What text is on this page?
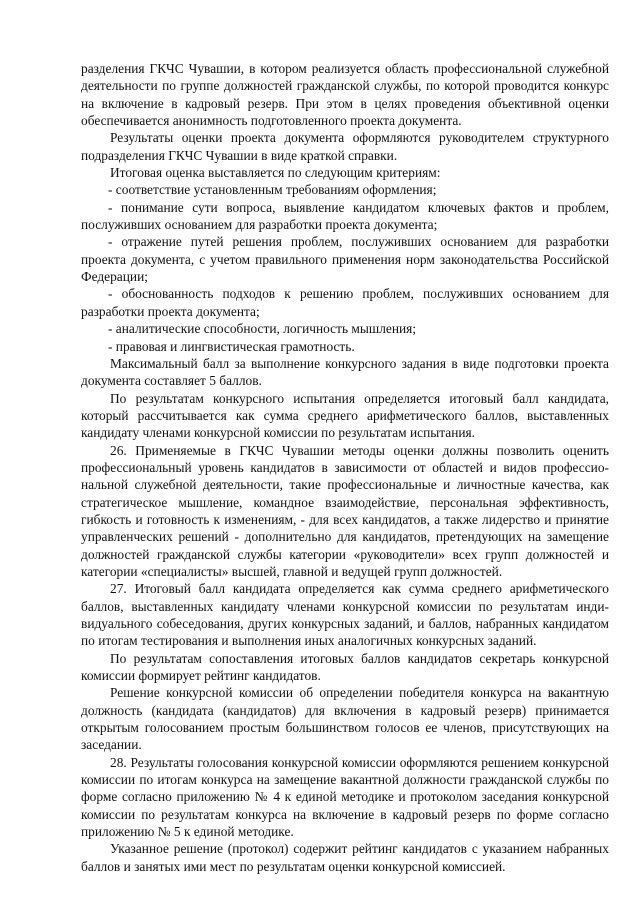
разделения ГКЧС Чувашии, в котором реализуется область профессиональной служебной деятельности по группе должностей гражданской службы, по которой проводится конкурс на включение в кадровый резерв. При этом в целях проведения объективной оценки обеспечивается анонимность подготовленного проекта документа.

Результаты оценки проекта документа оформляются руководителем структурного подразделения ГКЧС Чувашии в виде краткой справки.

Итоговая оценка выставляется по следующим критериям:

- соответствие установленным требованиям оформления;

- понимание сути вопроса, выявление кандидатом ключевых фактов и проблем, послуживших основанием для разработки проекта документа;

- отражение путей решения проблем, послуживших основанием для разработки проекта документа, с учетом правильного применения норм законодательства Российской Федерации;

- обоснованность подходов к решению проблем, послуживших основанием для разработки проекта документа;

- аналитические способности, логичность мышления;

- правовая и лингвистическая грамотность.

Максимальный балл за выполнение конкурсного задания в виде подготовки проекта документа составляет 5 баллов.

По результатам конкурсного испытания определяется итоговый балл кандидата, который рассчитывается как сумма среднего арифметического баллов, выставленных кандидату членами конкурсной комиссии по результатам испытания.

26. Применяемые в ГКЧС Чувашии методы оценки должны позволить оценить профессиональный уровень кандидатов в зависимости от областей и видов профессиональной служебной деятельности, такие профессиональные и личностные качества, как стратегическое мышление, командное взаимодействие, персональная эффективность, гибкость и готовность к изменениям, - для всех кандидатов, а также лидерство и принятие управленческих решений - дополнительно для кандидатов, претендующих на замещение должностей гражданской службы категории «руководители» всех групп должностей и категории «специалисты» высшей, главной и ведущей групп должностей.

27. Итоговый балл кандидата определяется как сумма среднего арифметического баллов, выставленных кандидату членами конкурсной комиссии по результатам индивидуального собеседования, других конкурсных заданий, и баллов, набранных кандидатом по итогам тестирования и выполнения иных аналогичных конкурсных заданий.

По результатам сопоставления итоговых баллов кандидатов секретарь конкурсной комиссии формирует рейтинг кандидатов.

Решение конкурсной комиссии об определении победителя конкурса на вакантную должность (кандидата (кандидатов) для включения в кадровый резерв) принимается открытым голосованием простым большинством голосов ее членов, присутствующих на заседании.

28. Результаты голосования конкурсной комиссии оформляются решением конкурсной комиссии по итогам конкурса на замещение вакантной должности гражданской службы по форме согласно приложению № 4 к единой методике и протоколом заседания конкурсной комиссии по результатам конкурса на включение в кадровый резерв по форме согласно приложению № 5 к единой методике.

Указанное решение (протокол) содержит рейтинг кандидатов с указанием набранных баллов и занятых ими мест по результатам оценки конкурсной комиссией.
